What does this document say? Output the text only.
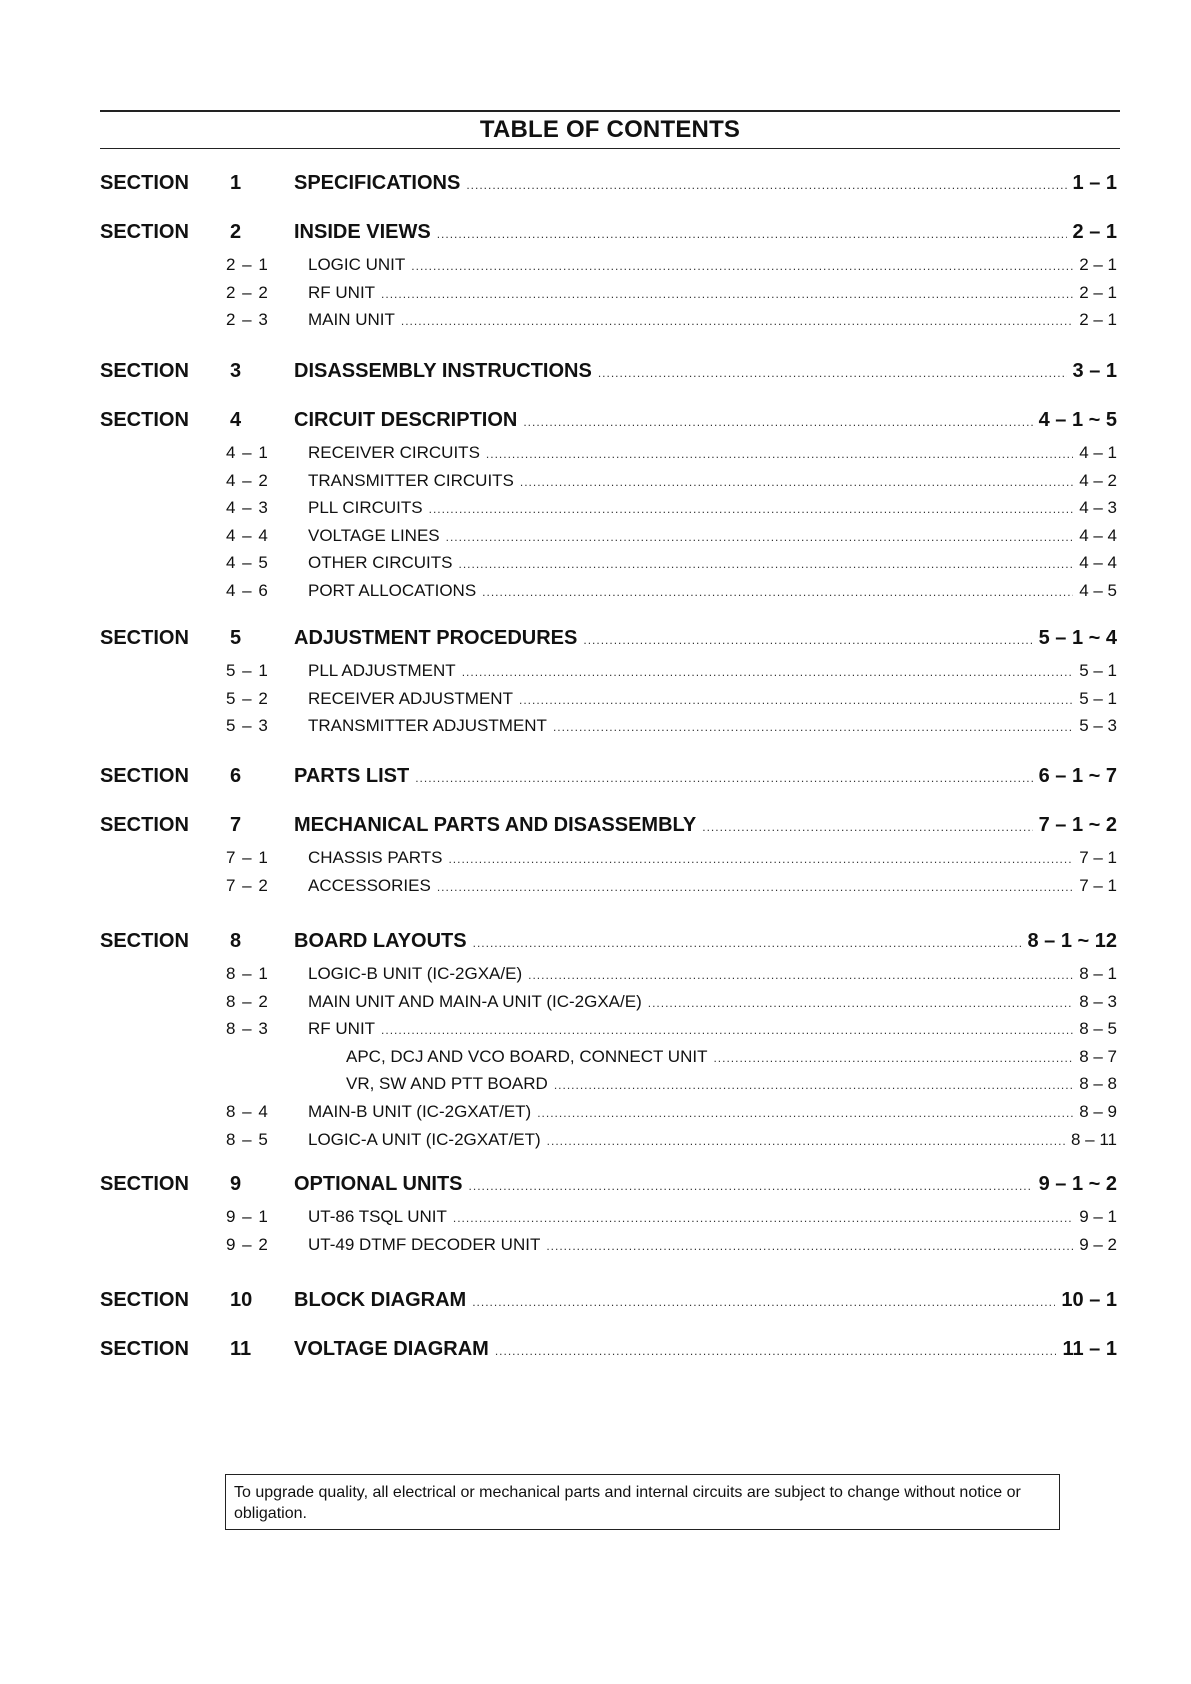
TABLE OF CONTENTS
SECTION	1	SPECIFICATIONS .....	1 – 1
SECTION	2	INSIDE VIEWS .....	2 – 1
2 – 1	LOGIC UNIT .....	2 – 1
2 – 2	RF UNIT .....	2 – 1
2 – 3	MAIN UNIT .....	2 – 1
SECTION	3	DISASSEMBLY INSTRUCTIONS .....	3 – 1
SECTION	4	CIRCUIT DESCRIPTION .....	4 – 1 ~ 5
4 – 1	RECEIVER CIRCUITS .....	4 – 1
4 – 2	TRANSMITTER CIRCUITS .....	4 – 2
4 – 3	PLL CIRCUITS .....	4 – 3
4 – 4	VOLTAGE LINES .....	4 – 4
4 – 5	OTHER CIRCUITS .....	4 – 4
4 – 6	PORT ALLOCATIONS .....	4 – 5
SECTION	5	ADJUSTMENT PROCEDURES .....	5 – 1 ~ 4
5 – 1	PLL ADJUSTMENT .....	5 – 1
5 – 2	RECEIVER ADJUSTMENT .....	5 – 1
5 – 3	TRANSMITTER ADJUSTMENT .....	5 – 3
SECTION	6	PARTS LIST .....	6 – 1 ~ 7
SECTION	7	MECHANICAL PARTS AND DISASSEMBLY .....	7 – 1 ~ 2
7 – 1	CHASSIS PARTS .....	7 – 1
7 – 2	ACCESSORIES .....	7 – 1
SECTION	8	BOARD LAYOUTS .....	8 – 1 ~ 12
8 – 1	LOGIC-B UNIT (IC-2GXA/E) .....	8 – 1
8 – 2	MAIN UNIT AND MAIN-A UNIT (IC-2GXA/E) .....	8 – 3
8 – 3	RF UNIT .....	8 – 5
APC, DCJ AND VCO BOARD, CONNECT UNIT .....	8 – 7
VR, SW AND PTT BOARD .....	8 – 8
8 – 4	MAIN-B UNIT (IC-2GXAT/ET) .....	8 – 9
8 – 5	LOGIC-A UNIT (IC-2GXAT/ET) .....	8 – 11
SECTION	9	OPTIONAL UNITS .....	9 – 1 ~ 2
9 – 1	UT-86 TSQL UNIT .....	9 – 1
9 – 2	UT-49 DTMF DECODER UNIT .....	9 – 2
SECTION	10	BLOCK DIAGRAM .....	10 – 1
SECTION	11	VOLTAGE DIAGRAM .....	11 – 1
To upgrade quality, all electrical or mechanical parts and internal circuits are subject to change without notice or obligation.
